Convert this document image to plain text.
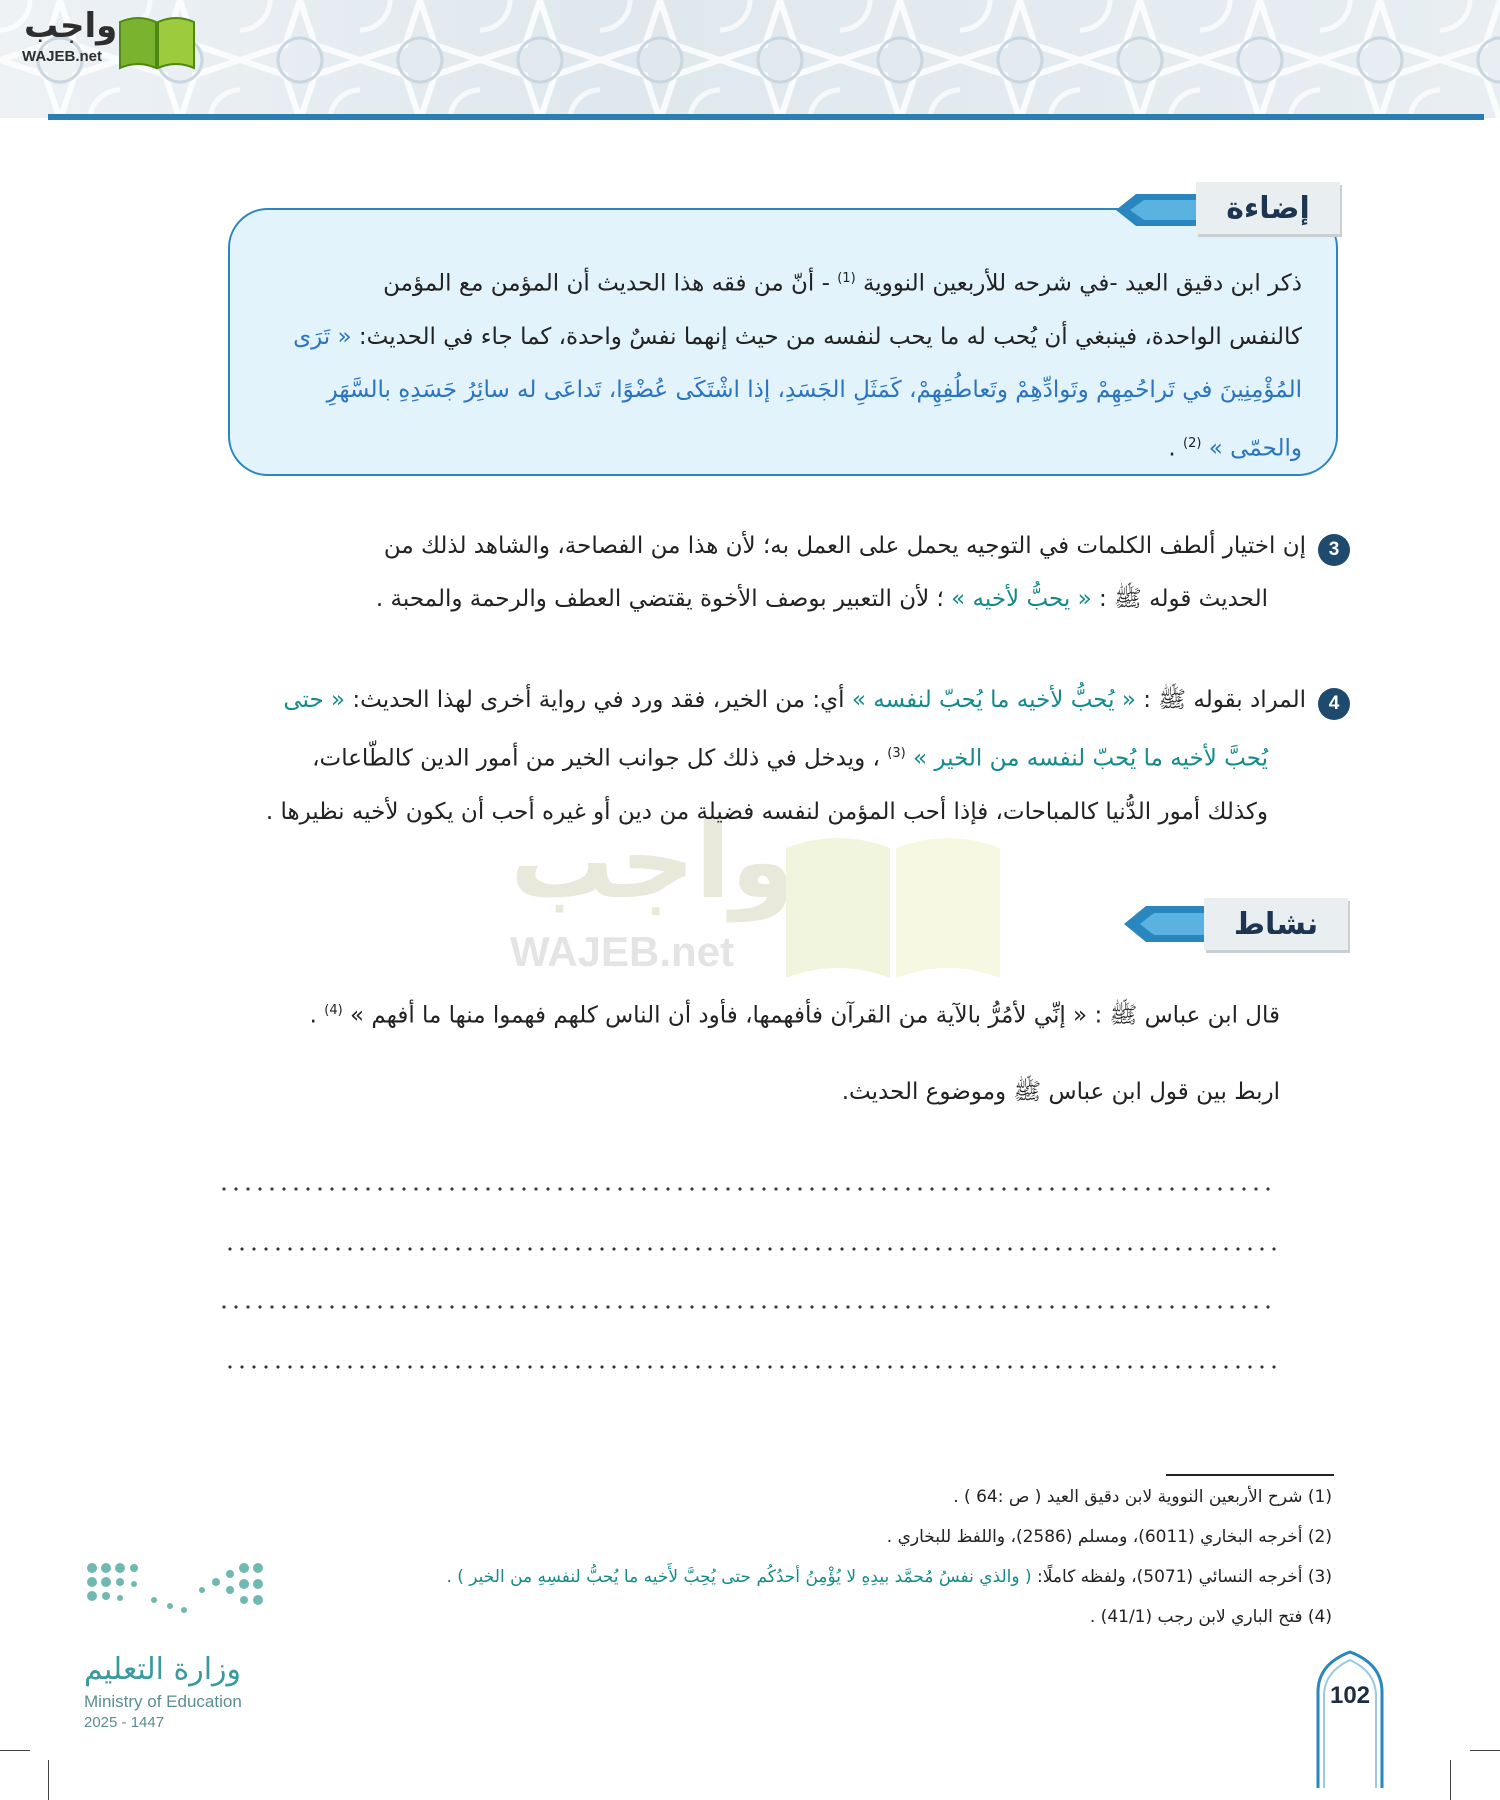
واجب
WAJEB.net
واجب
WAJEB.net
إضاءة
ذكر ابن دقيق العيد -في شرحه للأربعين النووية $^{(1)}$ - أنّ من فقه هذا الحديث أن المؤمن مع المؤمن
كالنفس الواحدة، فينبغي أن يُحب له ما يحب لنفسه من حيث إنهما نفسٌ واحدة، كما جاء في الحديث: « تَرَى
المُؤْمِنِينَ في تَراحُمِهِمْ وتَوادِّهِمْ وتَعاطُفِهِمْ، كَمَثَلِ الجَسَدِ، إذا اشْتَكَى عُضْوًا، تَداعَى له سائِرُ جَسَدِهِ بالسَّهَرِ
والحمّى » $^{(2)}$ .
3
إن اختيار ألطف الكلمات في التوجيه يحمل على العمل به؛ لأن هذا من الفصاحة، والشاهد لذلك من
الحديث قوله ﷺ : « يحبُّ لأخيه » ؛ لأن التعبير بوصف الأخوة يقتضي العطف والرحمة والمحبة .
4
المراد بقوله ﷺ : « يُحبُّ لأخيه ما يُحبّ لنفسه » أي: من الخير، فقد ورد في رواية أخرى لهذا الحديث: « حتى
يُحبَّ لأخيه ما يُحبّ لنفسه من الخير » $^{(3)}$ ، ويدخل في ذلك كل جوانب الخير من أمور الدين كالطّاعات،
وكذلك أمور الدُّنيا كالمباحات، فإذا أحب المؤمن لنفسه فضيلة من دين أو غيره أحب أن يكون لأخيه نظيرها .
نشاط
قال ابن عباس ﷺ : « إنِّي لأمُرُّ بالآية من القرآن فأفهمها، فأود أن الناس كلهم فهموا منها ما أفهم » $^{(4)}$ .
اربط بين قول ابن عباس ﷺ وموضوع الحديث.
(1) شرح الأربعين النووية لابن دقيق العيد ( ص :64 ) .
(2) أخرجه البخاري (6011)، ومسلم (2586)، واللفظ للبخاري .
(3) أخرجه النسائي (5071)، ولفظه كاملًا: ( والذي نفسُ مُحمَّد بيدِهِ لا يُؤْمِنُ أحدُكُم حتى يُحِبَّ لأَخيه ما يُحبُّ لنفسِهِ من الخير ) .
(4) فتح الباري لابن رجب (41/1) .
وزارة التعليم
Ministry of Education
2025 - 1447
102
